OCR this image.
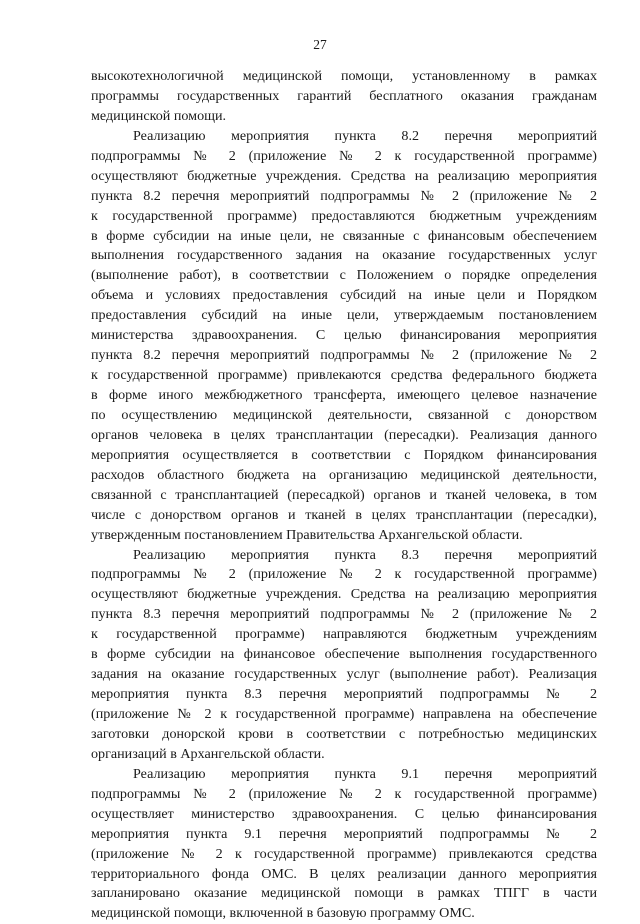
27
высокотехнологичной медицинской помощи, установленному в рамках
программы государственных гарантий бесплатного оказания гражданам
медицинской помощи.
Реализацию мероприятия пункта 8.2 перечня мероприятий
подпрограммы № 2 (приложение № 2 к государственной программе)
осуществляют бюджетные учреждения. Средства на реализацию мероприятия
пункта 8.2 перечня мероприятий подпрограммы № 2 (приложение № 2
к государственной программе) предоставляются бюджетным учреждениям
в форме субсидии на иные цели, не связанные с финансовым обеспечением
выполнения государственного задания на оказание государственных услуг
(выполнение работ), в соответствии с Положением о порядке определения
объема и условиях предоставления субсидий на иные цели и Порядком
предоставления субсидий на иные цели, утверждаемым постановлением
министерства здравоохранения. С целью финансирования мероприятия
пункта 8.2 перечня мероприятий подпрограммы № 2 (приложение № 2
к государственной программе) привлекаются средства федерального бюджета
в форме иного межбюджетного трансферта, имеющего целевое назначение
по осуществлению медицинской деятельности, связанной с донорством
органов человека в целях трансплантации (пересадки). Реализация данного
мероприятия осуществляется в соответствии с Порядком финансирования
расходов областного бюджета на организацию медицинской деятельности,
связанной с трансплантацией (пересадкой) органов и тканей человека, в том
числе с донорством органов и тканей в целях трансплантации (пересадки),
утвержденным постановлением Правительства Архангельской области.
Реализацию мероприятия пункта 8.3 перечня мероприятий
подпрограммы № 2 (приложение № 2 к государственной программе)
осуществляют бюджетные учреждения. Средства на реализацию мероприятия
пункта 8.3 перечня мероприятий подпрограммы № 2 (приложение № 2
к государственной программе) направляются бюджетным учреждениям
в форме субсидии на финансовое обеспечение выполнения государственного
задания на оказание государственных услуг (выполнение работ). Реализация
мероприятия пункта 8.3 перечня мероприятий подпрограммы № 2
(приложение № 2 к государственной программе) направлена на обеспечение
заготовки донорской крови в соответствии с потребностью медицинских
организаций в Архангельской области.
Реализацию мероприятия пункта 9.1 перечня мероприятий
подпрограммы № 2 (приложение № 2 к государственной программе)
осуществляет министерство здравоохранения. С целью финансирования
мероприятия пункта 9.1 перечня мероприятий подпрограммы № 2
(приложение № 2 к государственной программе) привлекаются средства
территориального фонда ОМС. В целях реализации данного мероприятия
запланировано оказание медицинской помощи в рамках ТПГГ в части
медицинской помощи, включенной в базовую программу ОМС.
